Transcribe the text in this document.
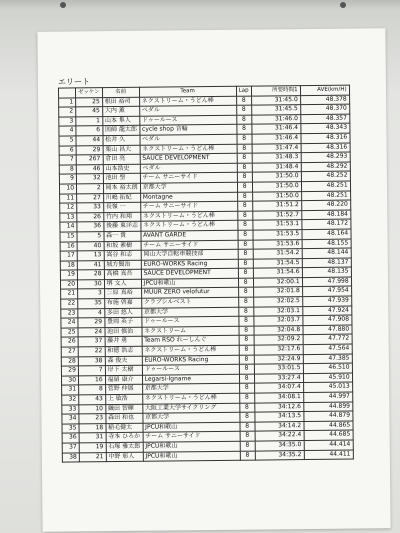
エリート
	ゼッケン	名前	Team	Lap	所要時間1	AVE(km/H)
1	25	根田 裕司	ネクストリーム・うどん棒	8	31:45.0	48.378
2	45	大内 薫	ペダル	8	31:45.5	48.370
3	1	山本 隼人	ドゥールース	8	31:46.0	48.357
4	6	図師 龍太郎	cycle shop 音輪	8	31:46.4	48.343
5	44	松井 久	ペダル	8	31:46.4	48.316
6	29	栗山 昌大	ネクストリーム・うどん棒	8	31:47.4	48.316
7	267	倉田 亮	SAUCE DEVELOPMENT	8	31:48.3	48.293
8	46	山本浩史	ペダル	8	31:48.4	48.292
9	32	池田 聖	チーム サニーサイド	8	31:50.0	48.252
10	2	岡本 裕太朗	京都大学	8	31:50.0	48.251
11	27	川嶋 拓紀	Montagne	8	31:50.0	48.251
12	33	長嶺 一	チーム サニーサイド	8	31:51.2	48.220
13	26	竹内 和翔	ネクストリーム・うどん棒	8	31:52.7	48.184
14	36	後藤 東洋志	ネクストリーム・うどん棒	8	31:53.1	48.172
15	5	森一 貴	AVANT GARDE	8	31:53.5	48.164
16	40	和坂 素樹	チーム サニーサイド	8	31:53.6	48.155
17	13	嵩谷 和志	岡山大学自転車競技部	8	31:54.2	48.144
18	41	城方賢治	EURO-WORKS Racing	8	31:54.5	48.137
19	28	高橋 真吾	SAUCE DEVELOPMENT	8	31:54.6	48.135
20	30	堺 文人	JPCU和歌山	8	32:00.1	47.998
21	3	三原 真裕	MUUR ZERO velofutur	8	32:01.8	47.954
22	35	布施 啓嘉	クラブシルベスト	8	32:02.5	47.939
23	4	多田 悠人	京都大学	8	32:03.1	47.924
24	29	豊岡 英子	ドゥールース	8	32:03.7	47.908
25	24	池田 慎治	ネクストリーム	8	32:04.8	47.880
26	37	藤井 勇	Team RSO れーしんぐ	8	32:09.2	47.772
27	22	和徳 浩志	ネクストリーム・うどん棒	8	32:17.6	47.564
28	38	森 俊夫	EURO-WORKS Racing	8	32:24.9	47.385
29	7	岸下 太樹	ドゥールース	8	33:01.5	46.510
30	16	福留 康介	Legarsi-Igname	8	33:27.4	45.910
31	8	菅野 仲展	京都大学	8	34:07.4	45.013
32	43	上 敏浩	ネクストリーム・うどん棒	8	34:08.1	44.997
33	10	織田 智暉	大阪工業大学サイクリング	8	34:12.6	44.899
34	23	森田 和也	京都大学	8	34:13.5	44.879
35	18	稲毛健太	JPCU和歌山	8	34:14.2	44.865
36	31	寺本 ひろか	チーム サニーサイド	8	34:22.4	44.685
37	19	石塚 雅太郎	JPCU和歌山	8	34:35.0	44.414
38	21	中野 彰人	JPCU和歌山	8	34:35.2	44.411
